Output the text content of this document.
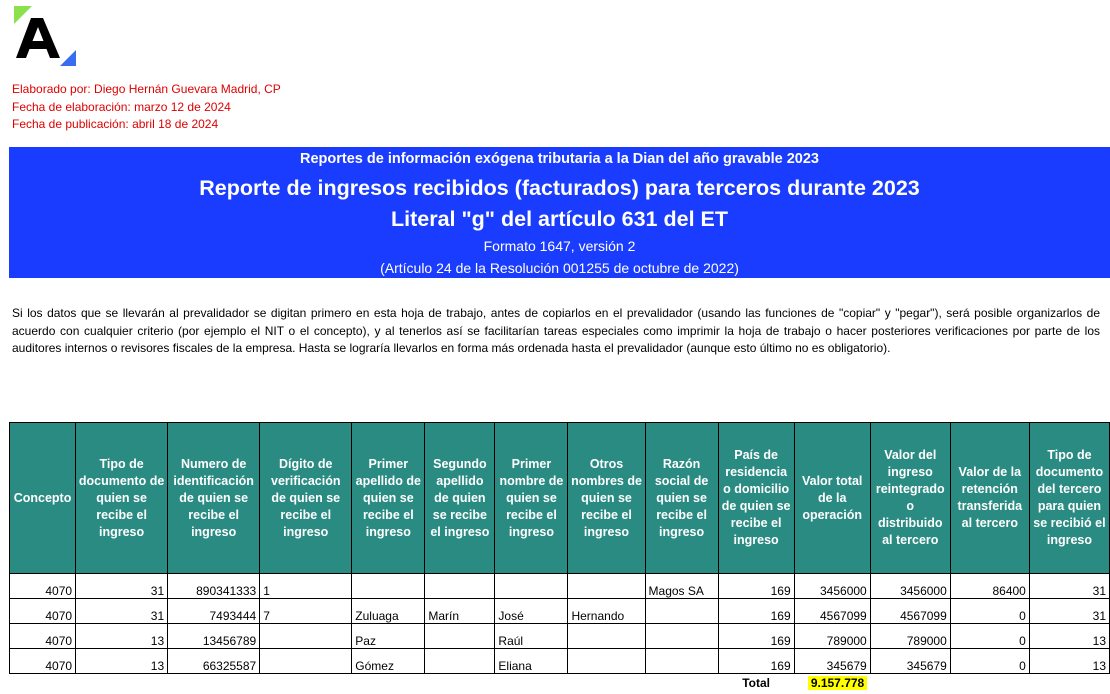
Elaborado por: Diego Hernán Guevara Madrid, CP
Fecha de elaboración: marzo 12 de 2024
Fecha de publicación: abril 18 de 2024
Reportes de información exógena tributaria a la Dian del año gravable 2023
Reporte de ingresos recibidos (facturados) para terceros durante 2023
Literal "g" del artículo 631 del ET
Formato 1647, versión 2
(Artículo 24 de la Resolución 001255 de octubre de 2022)
Si los datos que se llevarán al prevalidador se digitan primero en esta hoja de trabajo, antes de copiarlos en el prevalidador (usando las funciones de "copiar" y "pegar"), será posible organizarlos de acuerdo con cualquier criterio (por ejemplo el NIT o el concepto), y al tenerlos así se facilitarían tareas especiales como imprimir la hoja de trabajo o hacer posteriores verificaciones por parte de los auditores internos o revisores fiscales de la empresa. Hasta se lograría llevarlos en forma más ordenada hasta el prevalidador (aunque esto último no es obligatorio).
Concepto	Tipo de documento de quien se recibe el ingreso	Numero de identificación de quien se recibe el ingreso	Dígito de verificación de quien se recibe el ingreso	Primer apellido de quien se recibe el ingreso	Segundo apellido de quien se recibe el ingreso	Primer nombre de quien se recibe el ingreso	Otros nombres de quien se recibe el ingreso	Razón social de quien se recibe el ingreso	País de residencia o domicilio de quien se recibe el ingreso	Valor total de la operación	Valor del ingreso reintegrado o distribuido al tercero	Valor de la retención transferida al tercero	Tipo de documento del tercero para quien se recibió el ingreso
4070	31	890341333	1					Magos SA	169	3456000	3456000	86400	31
4070	31	7493444	7	Zuluaga	Marín	José	Hernando		169	4567099	4567099	0	31
4070	13	13456789		Paz		Raúl			169	789000	789000	0	13
4070	13	66325587		Gómez		Eliana			169	345679	345679	0	13
									Total	9.157.778			
